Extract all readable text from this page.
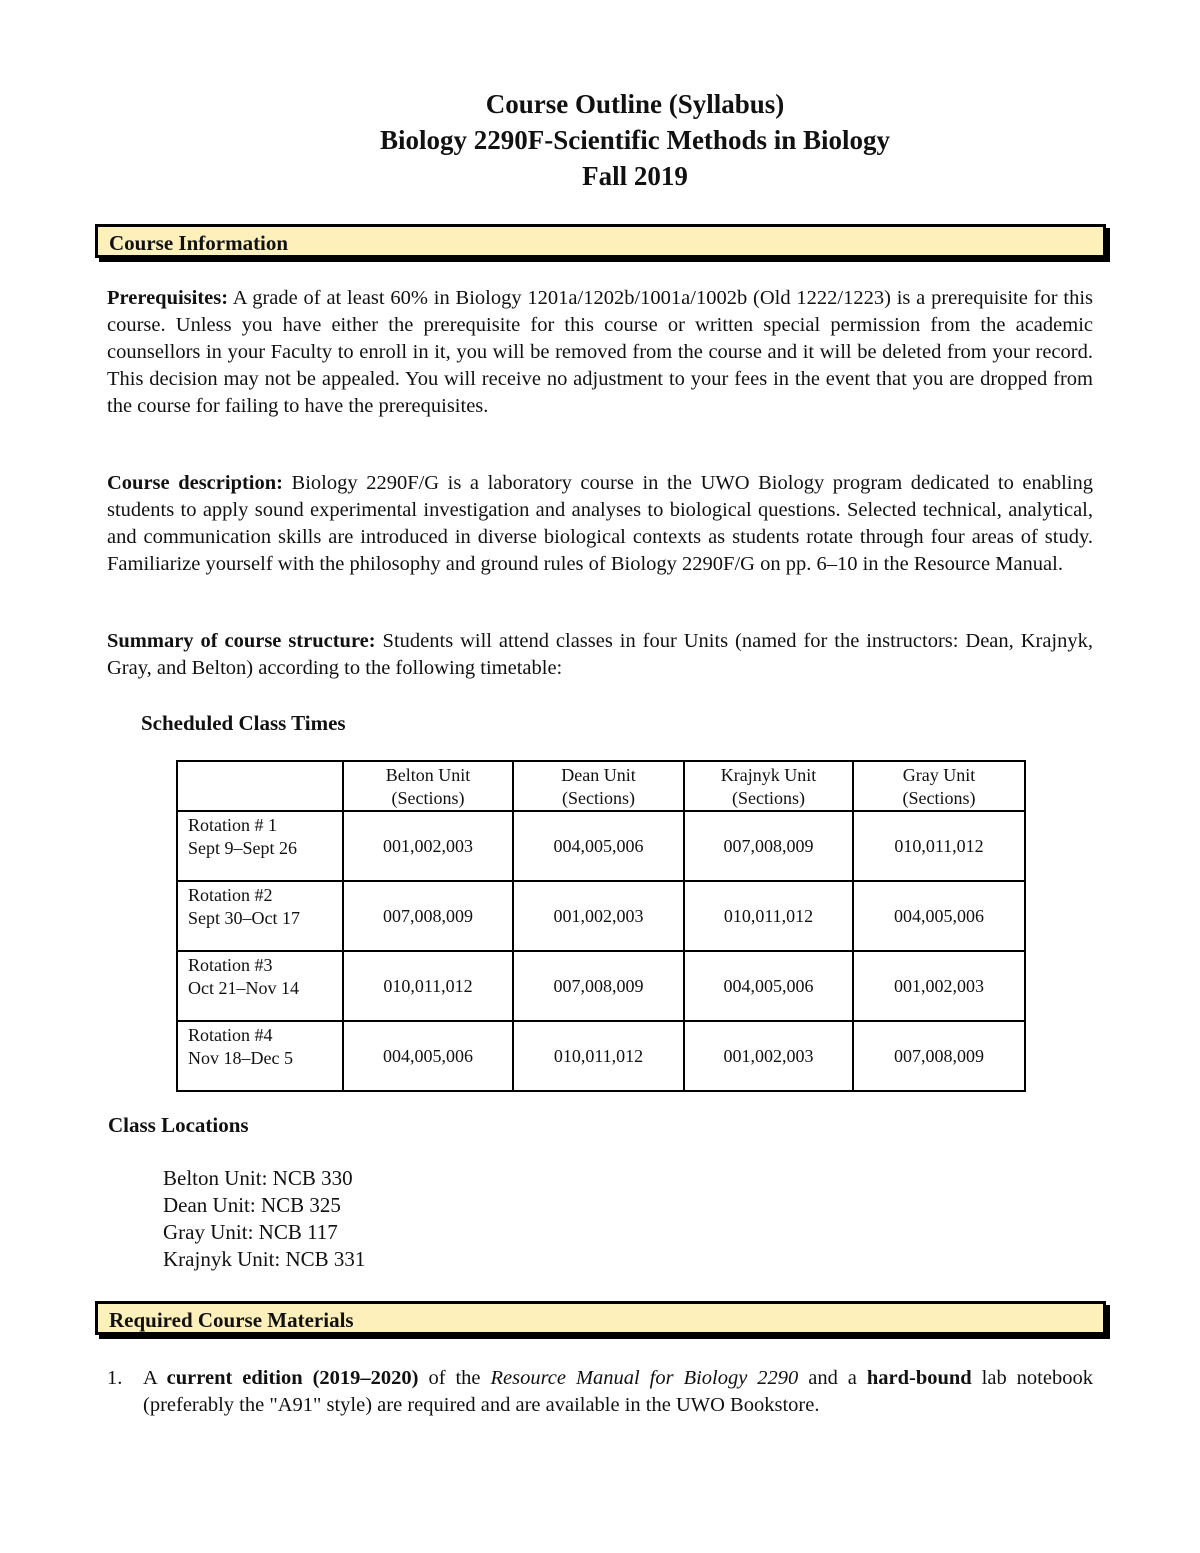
Course Outline (Syllabus)

Biology 2290F-Scientific Methods in Biology

Fall 2019

Course Information

Prerequisites: A grade of at least 60% in Biology 1201a/1202b/1001a/1002b (Old 1222/1223) is a prerequisite for this course. Unless you have either the prerequisite for this course or written special permission from the academic counsellors in your Faculty to enroll in it, you will be removed from the course and it will be deleted from your record. This decision may not be appealed. You will receive no adjustment to your fees in the event that you are dropped from the course for failing to have the prerequisites.

Course description: Biology 2290F/G is a laboratory course in the UWO Biology program dedicated to enabling students to apply sound experimental investigation and analyses to biological questions. Selected technical, analytical, and communication skills are introduced in diverse biological contexts as students rotate through four areas of study. Familiarize yourself with the philosophy and ground rules of Biology 2290F/G on pp. 6–10 in the Resource Manual.

Summary of course structure: Students will attend classes in four Units (named for the instructors: Dean, Krajnyk, Gray, and Belton) according to the following timetable:

Scheduled Class Times
	Belton Unit
(Sections)	Dean Unit
(Sections)	Krajnyk Unit
(Sections)	Gray Unit
(Sections)
Rotation # 1
Sept 9–Sept 26	001,002,003	004,005,006	007,008,009	010,011,012
Rotation #2
Sept 30–Oct 17	007,008,009	001,002,003	010,011,012	004,005,006
Rotation #3
Oct 21–Nov 14	010,011,012	007,008,009	004,005,006	001,002,003
Rotation #4
Nov 18–Dec 5	004,005,006	010,011,012	001,002,003	007,008,009
Class Locations
Belton Unit: NCB 330
Dean Unit: NCB 325
Gray Unit: NCB 117
Krajnyk Unit: NCB 331
Required Course Materials
1. A current edition (2019–2020) of the Resource Manual for Biology 2290 and a hard-bound lab notebook (preferably the "A91" style) are required and are available in the UWO Bookstore.
